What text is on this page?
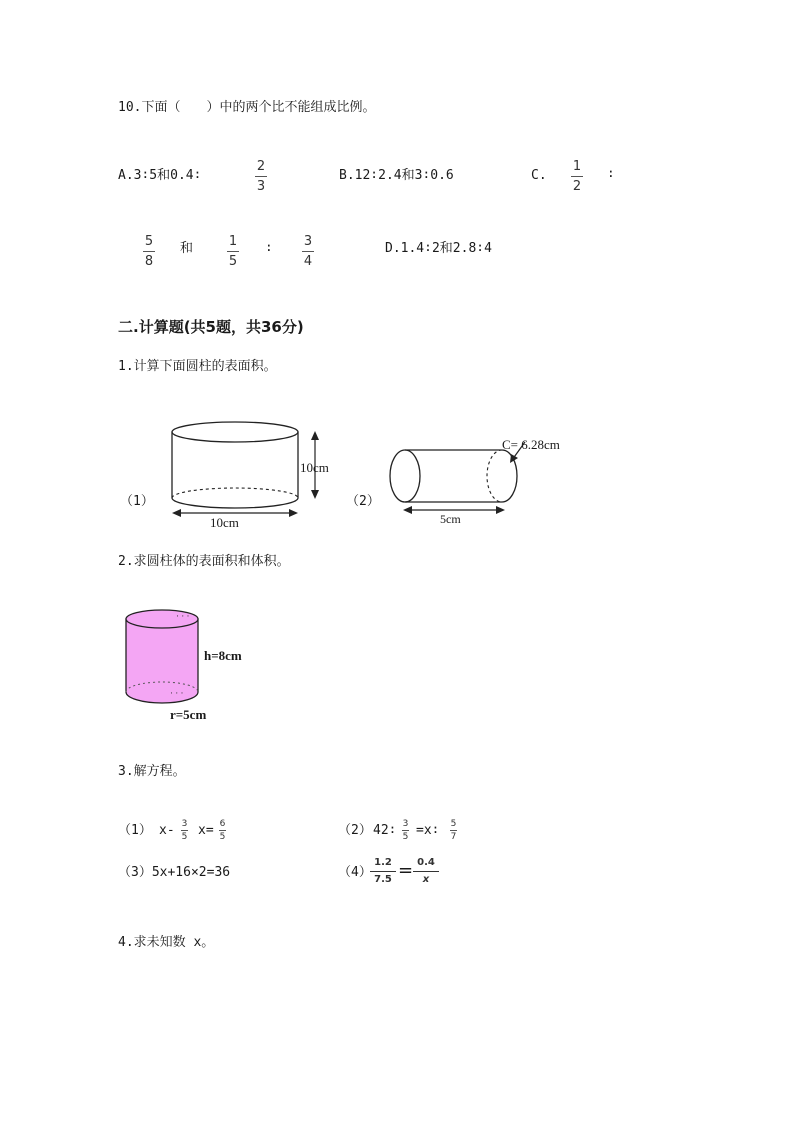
10.下面（　　）中的两个比不能组成比例。
A.3∶5和0.4∶
2
3
B.12∶2.4和3∶0.6	C.
1
2
∶
5
8
和	1
5
∶ 3
4
D.1.4∶2和2.8∶4
二.计算题(共5题，共36分)
1.计算下面圆柱的表面积。
（1）
10cm
10cm
（2）
C= 6.28cm
5cm
2.求圆柱体的表面积和体积。
· · ·
· · ·
h=8cm
r=5cm
3.解方程。
（1） x- 3
5 x= 6
5	（2） 42∶ 3
5 =x∶ 5
7
（3）5x+16×2=36	（4）
1.2
7.5 = 0.4
x
4.求未知数 x。
